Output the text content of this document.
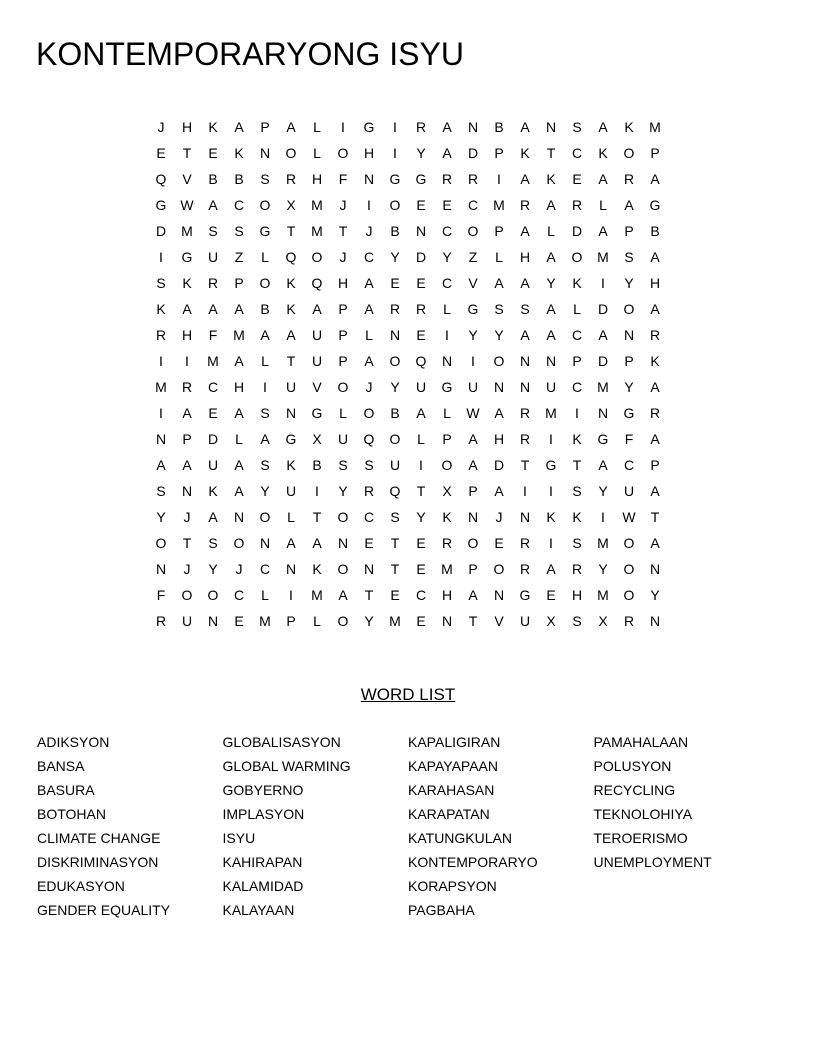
KONTEMPORARYONG ISYU
J	H	K	A	P	A	L	I	G	I	R	A	N	B	A	N	S	A	K	M
E	T	E	K	N	O	L	O	H	I	Y	A	D	P	K	T	C	K	O	P
Q	V	B	B	S	R	H	F	N	G	G	R	R	I	A	K	E	A	R	A
G W	A	C	O	X	M	J	I	O	E	E	C	M	R	A	R	L	A	G
D	M	S	S	G	T	M	T	J	B	N	C	O	P	A	L	D	A	P	B
I	G	U	Z	L	Q	O	J	C	Y	D	Y	Z	L	H	A	O	M	S	A
S	K	R	P	O	K	Q	H	A	E	E	C	V	A	A	Y	K	I	Y	H
K	A	A	A	B	K	A	P	A	R	R	L	G	S	S	A	L	D	O	A
R	H	F	M	A	A	U	P	L	N	E	I	Y	Y	A	A	C	A	N	R
I	I	M	A	L	T	U	P	A	O	Q	N	I	O	N	N	P	D	P	K
M	R	C	H	I	U	V	O	J	Y	U	G	U	N	N	U	C	M	Y	A
I	A	E	A	S	N	G	L	O	B	A	L	W	A	R	M	I	N	G	R
N	P	D	L	A	G	X	U	Q	O	L	P	A	H	R	I	K	G	F	A
A	A	U	A	S	K	B	S	S	U	I	O	A	D	T	G	T	A	C	P
S	N	K	A	Y	U	I	Y	R	Q	T	X	P	A	I	I	S	Y	U	A
Y	J	A	N	O	L	T	O	C	S	Y	K	N	J	N	K	K	I	W	T
O	T	S	O	N	A	A	N	E	T	E	R	O	E	R	I	S	M	O	A
N	J	Y	J	C	N	K	O	N	T	E	M	P	O	R	A	R	Y	O	N
F	O	O	C	L	I	M	A	T	E	C	H	A	N	G	E	H	M	O	Y
R	U	N	E	M	P	L	O	Y	M	E	N	T	V	U	X	S	X	R	N
WORD LIST
ADIKSYON
BANSA
BASURA
BOTOHAN
CLIMATE CHANGE
DISKRIMINASYON
EDUKASYON
GENDER EQUALITY
GLOBALISASYON
GLOBAL WARMING
GOBYERNO
IMPLASYON
ISYU
KAHIRAPAN
KALAMIDAD
KALAYAAN
KAPALIGIRAN
KAPAYAPAAN
KARAHASAN
KARAPATAN
KATUNGKULAN
KONTEMPORARYO
KORAPSYON
PAGBAHA
PAMAHALAAN
POLUSYON
RECYCLING
TEKNOLOHIYA
TEROERISMO
UNEMPLOYMENT
